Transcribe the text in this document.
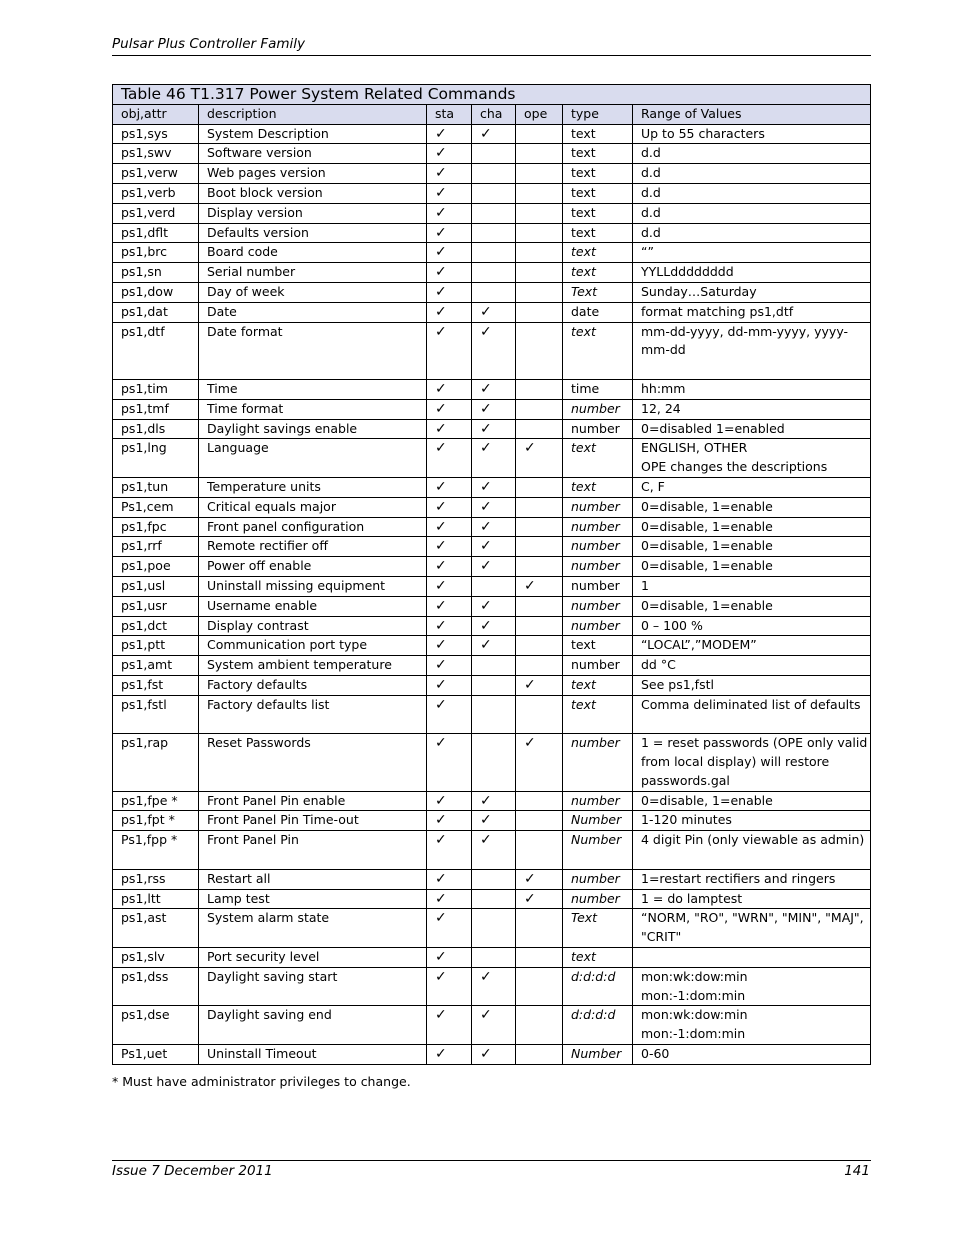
Pulsar Plus Controller Family
Table 46 T1.317 Power System Related Commands						
obj,attr	description	sta	cha	ope	type	Range of Values
ps1,sys	System Description	✓	✓		text	Up to 55 characters

ps1,swv	Software version	✓			text	d.d

ps1,verw	Web pages version	✓			text	d.d

ps1,verb	Boot block version	✓			text	d.d

ps1,verd	Display version	✓			text	d.d

ps1,dflt	Defaults version	✓			text	d.d

ps1,brc	Board code	✓			text	“”

ps1,sn	Serial number	✓			text	YYLLdddddddd

ps1,dow	Day of week	✓			Text	Sunday…Saturday

ps1,dat	Date	✓	✓		date	format matching ps1,dtf

ps1,dtf	Date format	✓	✓		text	mm-dd-yyyy, dd-mm-yyyy, yyyy-mm-dd

ps1,tim	Time	✓	✓		time	hh:mm

ps1,tmf	Time format	✓	✓		number	12, 24

ps1,dls	Daylight savings enable	✓	✓		number	0=disabled 1=enabled

ps1,lng	Language	✓	✓	✓	text	ENGLISH, OTHER
OPE changes the descriptions

ps1,tun	Temperature units	✓	✓		text	C, F

Ps1,cem	Critical equals major	✓	✓		number	0=disable, 1=enable

ps1,fpc	Front panel configuration	✓	✓		number	0=disable, 1=enable

ps1,rrf	Remote rectifier off	✓	✓		number	0=disable, 1=enable

ps1,poe	Power off enable	✓	✓		number	0=disable, 1=enable

ps1,usl	Uninstall missing equipment	✓		✓	number	1

ps1,usr	Username enable	✓	✓		number	0=disable, 1=enable

ps1,dct	Display contrast	✓	✓		number	0 – 100 %

ps1,ptt	Communication port type	✓	✓		text	“LOCAL”,”MODEM”

ps1,amt	System ambient temperature	✓			number	dd °C

ps1,fst	Factory defaults	✓		✓	text	See ps1,fstl

ps1,fstl	Factory defaults list	✓			text	Comma deliminated list of defaults

ps1,rap	Reset Passwords	✓		✓	number	1 = reset passwords (OPE only valid from local display) will restore passwords.gal

ps1,fpe *	Front Panel Pin enable	✓	✓		number	0=disable, 1=enable

ps1,fpt *	Front Panel Pin Time-out	✓	✓		Number	1-120 minutes

Ps1,fpp *	Front Panel Pin	✓	✓		Number	4 digit Pin (only viewable as admin)

ps1,rss	Restart all	✓		✓	number	1=restart rectifiers and ringers

ps1,ltt	Lamp test	✓		✓	number	1 = do lamptest

ps1,ast	System alarm state	✓			Text	“NORM, "RO", "WRN", "MIN", "MAJ", "CRIT"

ps1,slv	Port security level	✓			text	

ps1,dss	Daylight saving start	✓	✓		d:d:d:d	mon:wk:dow:min
mon:-1:dom:min

ps1,dse	Daylight saving end	✓	✓		d:d:d:d	mon:wk:dow:min
mon:-1:dom:min

Ps1,uet	Uninstall Timeout	✓	✓		Number	0-60
* Must have administrator privileges to change.
Issue 7 December 2011	141
